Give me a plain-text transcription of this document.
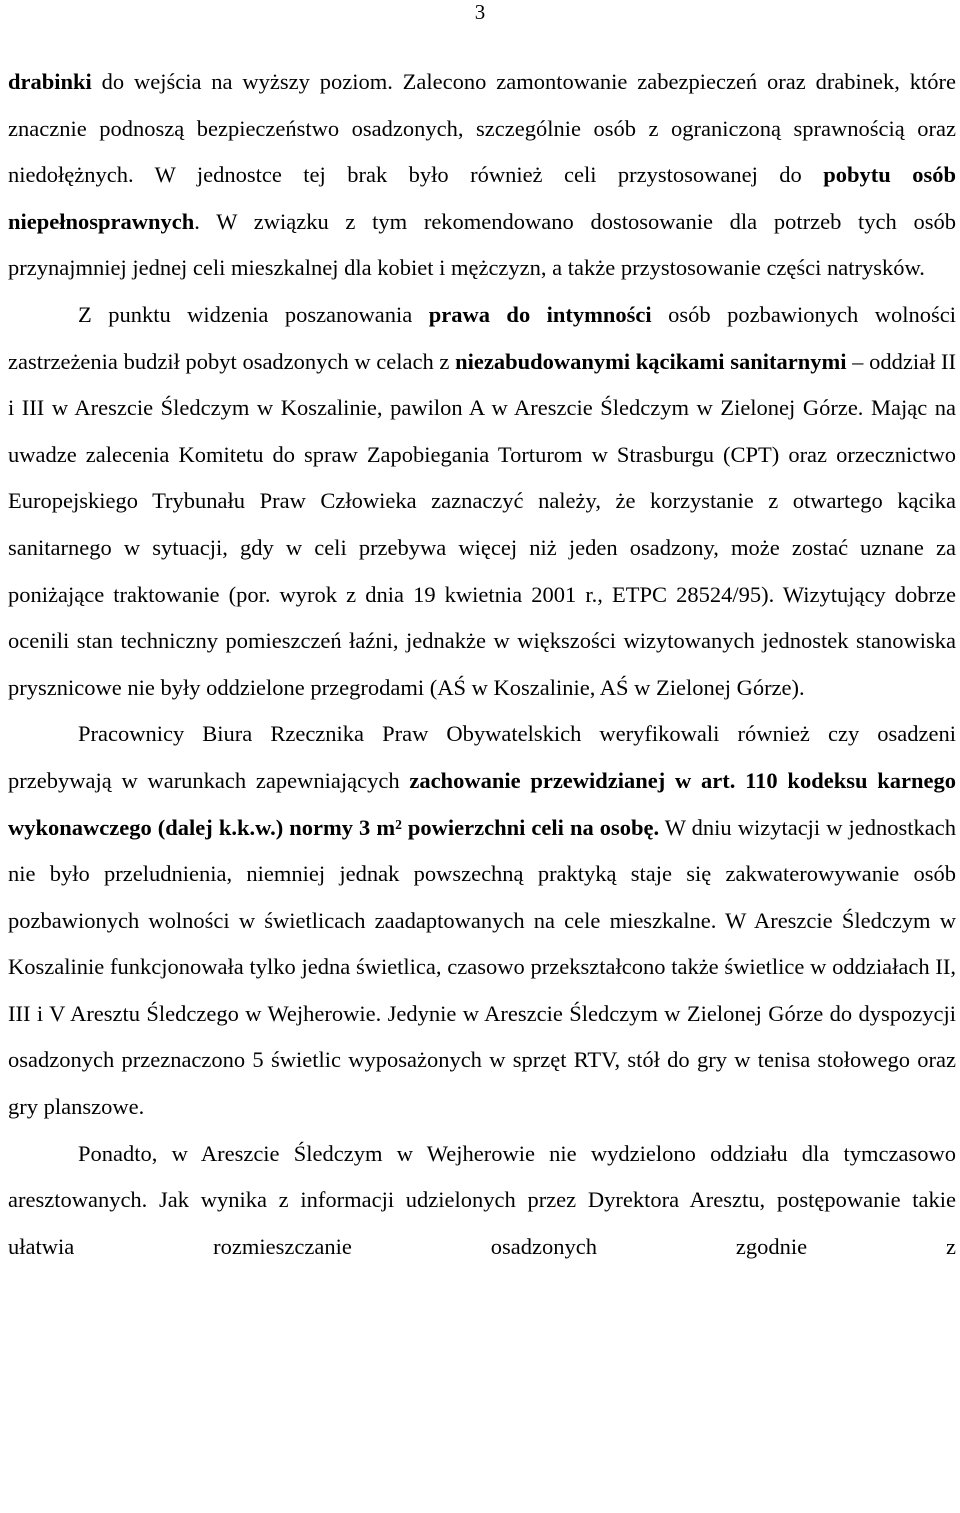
3

drabinki do wejścia na wyższy poziom. Zalecono zamontowanie zabezpieczeń oraz drabinek, które znacznie podnoszą bezpieczeństwo osadzonych, szczególnie osób z ograniczoną sprawnością oraz niedołężnych. W jednostce tej brak było również celi przystosowanej do pobytu osób niepełnosprawnych. W związku z tym rekomendowano dostosowanie dla potrzeb tych osób przynajmniej jednej celi mieszkalnej dla kobiet i mężczyzn, a także przystosowanie części natrysków.

Z punktu widzenia poszanowania prawa do intymności osób pozbawionych wolności zastrzeżenia budził pobyt osadzonych w celach z niezabudowanymi kącikami sanitarnymi – oddział II i III w Areszcie Śledczym w Koszalinie, pawilon A w Areszcie Śledczym w Zielonej Górze. Mając na uwadze zalecenia Komitetu do spraw Zapobiegania Torturom w Strasburgu (CPT) oraz orzecznictwo Europejskiego Trybunału Praw Człowieka zaznaczyć należy, że korzystanie z otwartego kącika sanitarnego w sytuacji, gdy w celi przebywa więcej niż jeden osadzony, może zostać uznane za poniżające traktowanie (por. wyrok z dnia 19 kwietnia 2001 r., ETPC 28524/95). Wizytujący dobrze ocenili stan techniczny pomieszczeń łaźni, jednakże w większości wizytowanych jednostek stanowiska prysznicowe nie były oddzielone przegrodami (AŚ w Koszalinie, AŚ w Zielonej Górze).

Pracownicy Biura Rzecznika Praw Obywatelskich weryfikowali również czy osadzeni przebywają w warunkach zapewniających zachowanie przewidzianej w art. 110 kodeksu karnego wykonawczego (dalej k.k.w.) normy 3 m² powierzchni celi na osobę. W dniu wizytacji w jednostkach nie było przeludnienia, niemniej jednak powszechną praktyką staje się zakwaterowywanie osób pozbawionych wolności w świetlicach zaadaptowanych na cele mieszkalne. W Areszcie Śledczym w Koszalinie funkcjonowała tylko jedna świetlica, czasowo przekształcono także świetlice w oddziałach II, III i V Aresztu Śledczego w Wejherowie. Jedynie w Areszcie Śledczym w Zielonej Górze do dyspozycji osadzonych przeznaczono 5 świetlic wyposażonych w sprzęt RTV, stół do gry w tenisa stołowego oraz gry planszowe.

Ponadto, w Areszcie Śledczym w Wejherowie nie wydzielono oddziału dla tymczasowo aresztowanych. Jak wynika z informacji udzielonych przez Dyrektora Aresztu, postępowanie takie ułatwia rozmieszczanie osadzonych zgodnie z
